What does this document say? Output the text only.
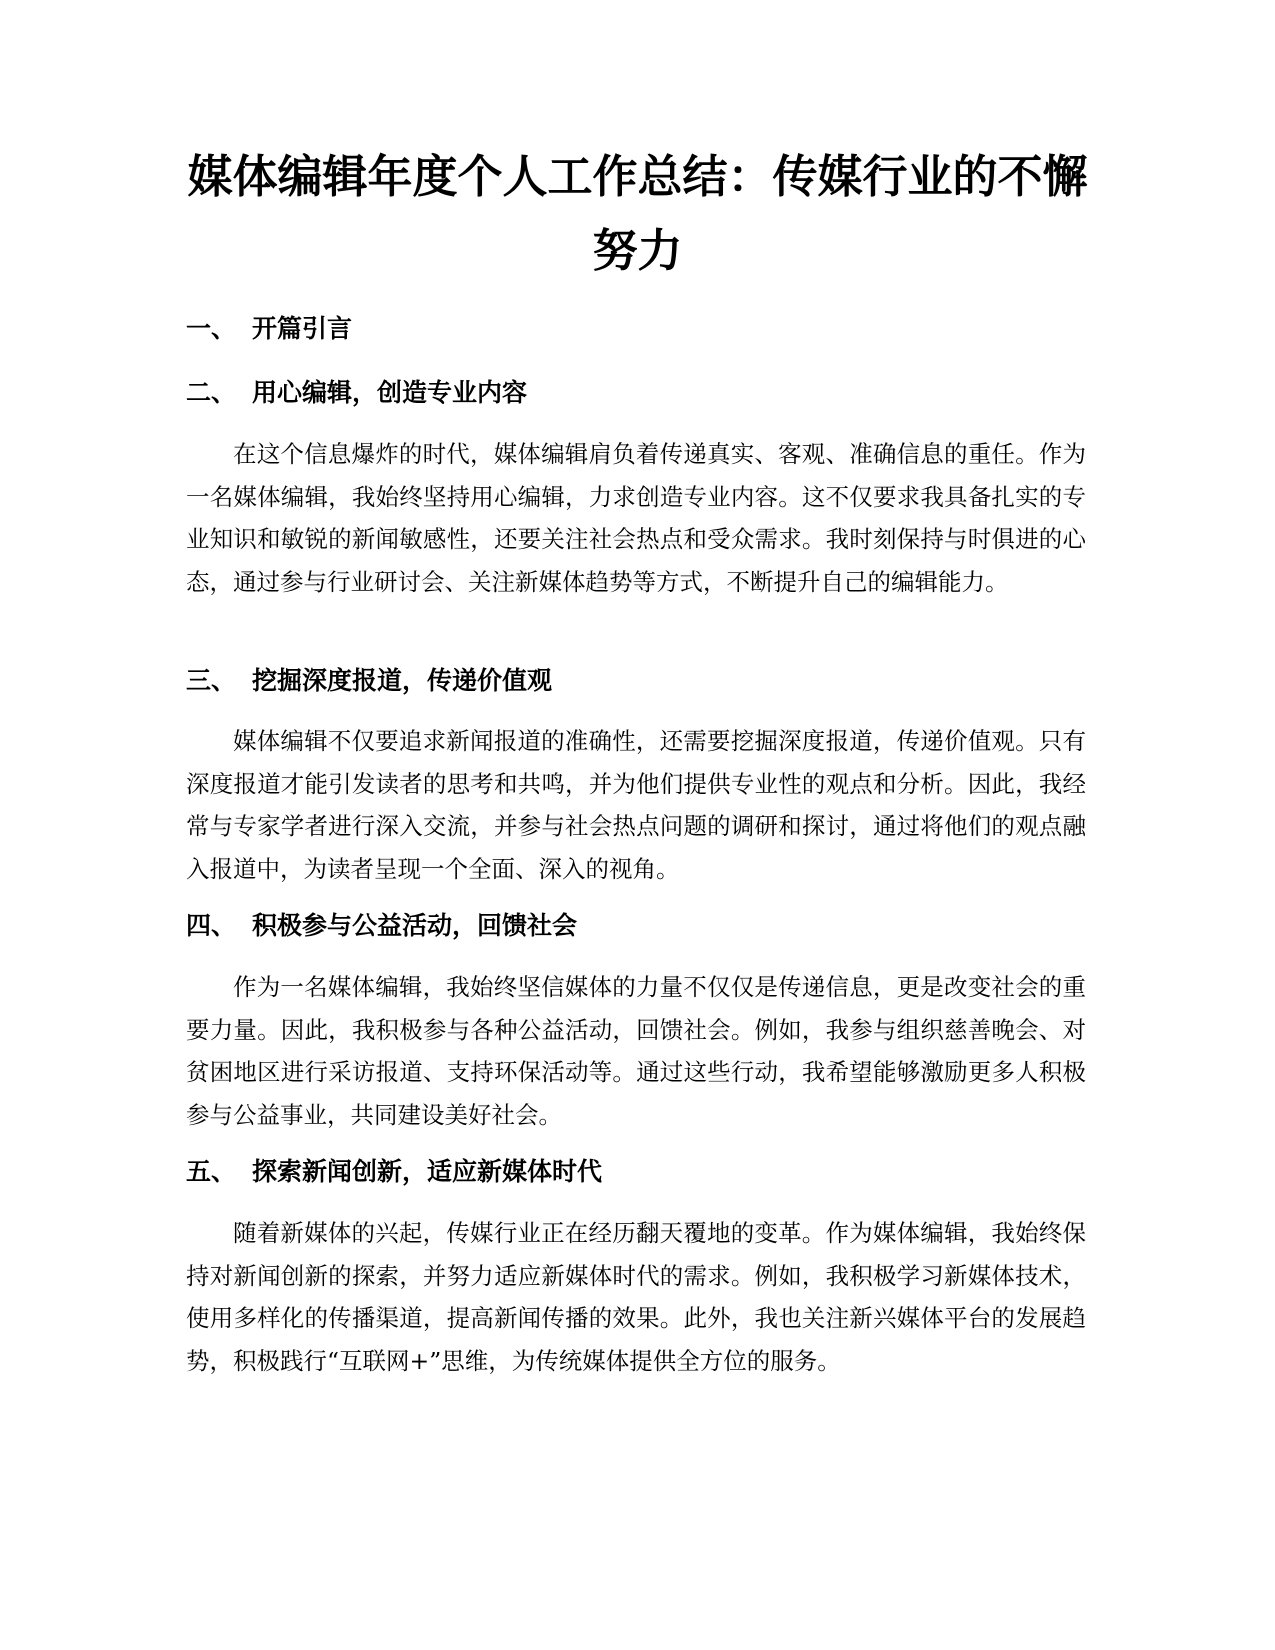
媒体编辑年度个人工作总结：传媒行业的不懈努力
一、 开篇引言
二、 用心编辑，创造专业内容

在这个信息爆炸的时代，媒体编辑肩负着传递真实、客观、准确信息的重任。作为一名媒体编辑，我始终坚持用心编辑，力求创造专业内容。这不仅要求我具备扎实的专业知识和敏锐的新闻敏感性，还要关注社会热点和受众需求。我时刻保持与时俱进的心态，通过参与行业研讨会、关注新媒体趋势等方式，不断提升自己的编辑能力。

三、 挖掘深度报道，传递价值观

媒体编辑不仅要追求新闻报道的准确性，还需要挖掘深度报道，传递价值观。只有深度报道才能引发读者的思考和共鸣，并为他们提供专业性的观点和分析。因此，我经常与专家学者进行深入交流，并参与社会热点问题的调研和探讨，通过将他们的观点融入报道中，为读者呈现一个全面、深入的视角。

四、 积极参与公益活动，回馈社会

作为一名媒体编辑，我始终坚信媒体的力量不仅仅是传递信息，更是改变社会的重要力量。因此，我积极参与各种公益活动，回馈社会。例如，我参与组织慈善晚会、对贫困地区进行采访报道、支持环保活动等。通过这些行动，我希望能够激励更多人积极参与公益事业，共同建设美好社会。

五、 探索新闻创新，适应新媒体时代

随着新媒体的兴起，传媒行业正在经历翻天覆地的变革。作为媒体编辑，我始终保持对新闻创新的探索，并努力适应新媒体时代的需求。例如，我积极学习新媒体技术，使用多样化的传播渠道，提高新闻传播的效果。此外，我也关注新兴媒体平台的发展趋势，积极践行“互联网+”思维，为传统媒体提供全方位的服务。
